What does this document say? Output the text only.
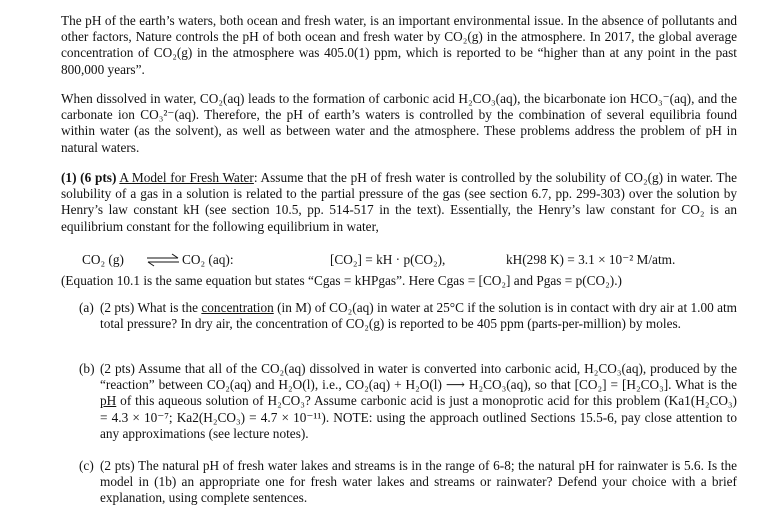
The pH of the earth’s waters, both ocean and fresh water, is an important environmental issue. In the absence of pollutants and other factors, Nature controls the pH of both ocean and fresh water by CO₂(g) in the atmosphere. In 2017, the global average concentration of CO₂(g) in the atmosphere was 405.0(1) ppm, which is reported to be “higher than at any point in the past 800,000 years”.

When dissolved in water, CO₂(aq) leads to the formation of carbonic acid H₂CO₃(aq), the bicarbonate ion HCO₃⁻(aq), and the carbonate ion CO₃²⁻(aq). Therefore, the pH of earth’s waters is controlled by the combination of several equilibria found within water (as the solvent), as well as between water and the atmosphere. These problems address the problem of pH in natural waters.

(1) (6 pts) A Model for Fresh Water: Assume that the pH of fresh water is controlled by the solubility of CO₂(g) in water. The solubility of a gas in a solution is related to the partial pressure of the gas (see section 6.7, pp. 299-303) over the solution by Henry’s law constant kH (see section 10.5, pp. 514-517 in the text). Essentially, the Henry’s law constant for CO₂ is an equilibrium constant for the following equilibrium in water,

CO₂ (g) ⇌ CO₂ (aq):	[CO₂] = kH · p(CO₂),	kH(298 K) = 3.1 × 10⁻² M/atm.

(Equation 10.1 is the same equation but states “Cgas = kHPgas”. Here Cgas = [CO₂] and Pgas = p(CO₂).)

(a) (2 pts) What is the concentration (in M) of CO₂(aq) in water at 25°C if the solution is in contact with dry air at 1.00 atm total pressure? In dry air, the concentration of CO₂(g) is reported to be 405 ppm (parts-per-million) by moles.
(b) (2 pts) Assume that all of the CO₂(aq) dissolved in water is converted into carbonic acid, H₂CO₃(aq), produced by the “reaction” between CO₂(aq) and H₂O(l), i.e., CO₂(aq) + H₂O(l) ⟶ H₂CO₃(aq), so that [CO₂] = [H₂CO₃]. What is the pH of this aqueous solution of H₂CO₃? Assume carbonic acid is just a monoprotic acid for this problem (Ka1(H₂CO₃) = 4.3 × 10⁻⁷; Ka2(H₂CO₃) = 4.7 × 10⁻¹¹). NOTE: using the approach outlined Sections 15.5-6, pay close attention to any approximations (see lecture notes).
(c) (2 pts) The natural pH of fresh water lakes and streams is in the range of 6-8; the natural pH for rainwater is 5.6. Is the model in (1b) an appropriate one for fresh water lakes and streams or rainwater? Defend your choice with a brief explanation, using complete sentences.
